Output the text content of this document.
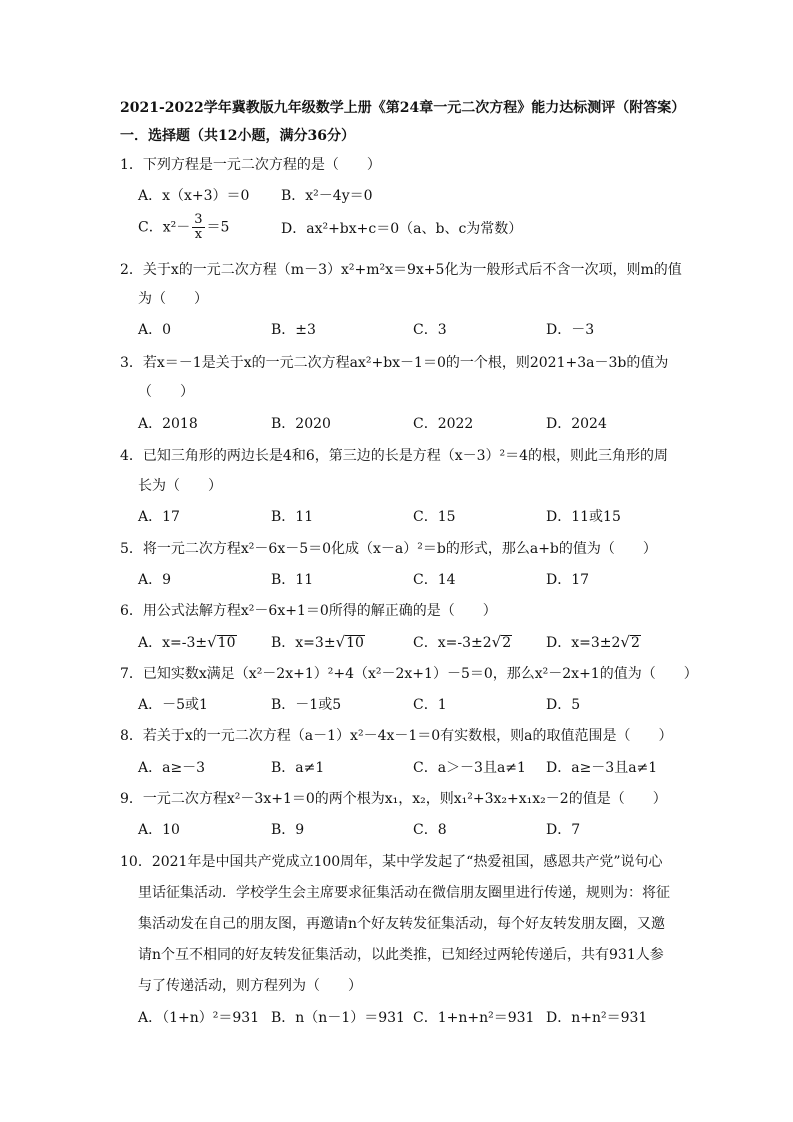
2021-2022学年冀教版九年级数学上册《第24章一元二次方程》能力达标测评（附答案）
一．选择题（共12小题，满分36分）
1．下列方程是一元二次方程的是（　　）
A．x（x+3）＝0 B．x²－4y＝0
C．$x^2- \frac{3}{x} =5$	D．ax²+bx+c＝0（a、b、c为常数）
2．关于x的一元二次方程（m－3）x²+m²x＝9x+5化为一般形式后不含一次项，则m的值
为（　　）
A．0	B．±3	C．3	D．－3
3．若x＝－1是关于x的一元二次方程ax²+bx－1＝0的一个根，则2021+3a－3b的值为
（　　）
A．2018	B．2020	C．2022	D．2024
4．已知三角形的两边长是4和6，第三边的长是方程（x－3）²＝4的根，则此三角形的周
长为（　　）
A．17	B．11	C．15	D．11或15
5．将一元二次方程x²－6x－5＝0化成（x－a）²＝b的形式，那么a+b的值为（　　）
A．9	B．11	C．14	D．17
6．用公式法解方程x²－6x+1＝0所得的解正确的是（　　）
A．x=-3±√10	B．x=3±√10	C．x=-3±2√2 D．x=3±2√2
7．已知实数x满足（x²－2x+1）²+4（x²－2x+1）－5＝0，那么x²－2x+1的值为（　　）
A．－5或1	B．－1或5	C．1	D．5
8．若关于x的一元二次方程（a－1）x²－4x－1＝0有实数根，则a的取值范围是（　　）
A．a≥－3	B．a≠1	C．a＞－3且a≠1 D．a≥－3且a≠1
9．一元二次方程x²－3x+1＝0的两个根为x₁，x₂，则x₁²+3x₂+x₁x₂－2的值是（　　）
A．10	B．9	C．8	D．7
10．2021年是中国共产党成立100周年，某中学发起了“热爱祖国，感恩共产党”说句心
里话征集活动．学校学生会主席要求征集活动在微信朋友圈里进行传递，规则为：将征
集活动发在自己的朋友图，再邀请n个好友转发征集活动，每个好友转发朋友圈，又邀
请n个互不相同的好友转发征集活动，以此类推，已知经过两轮传递后，共有931人参
与了传递活动，则方程列为（　　）
A．（1+n）²＝931 B．n（n－1）＝931 C．1+n+n²＝931 D．n+n²＝931
